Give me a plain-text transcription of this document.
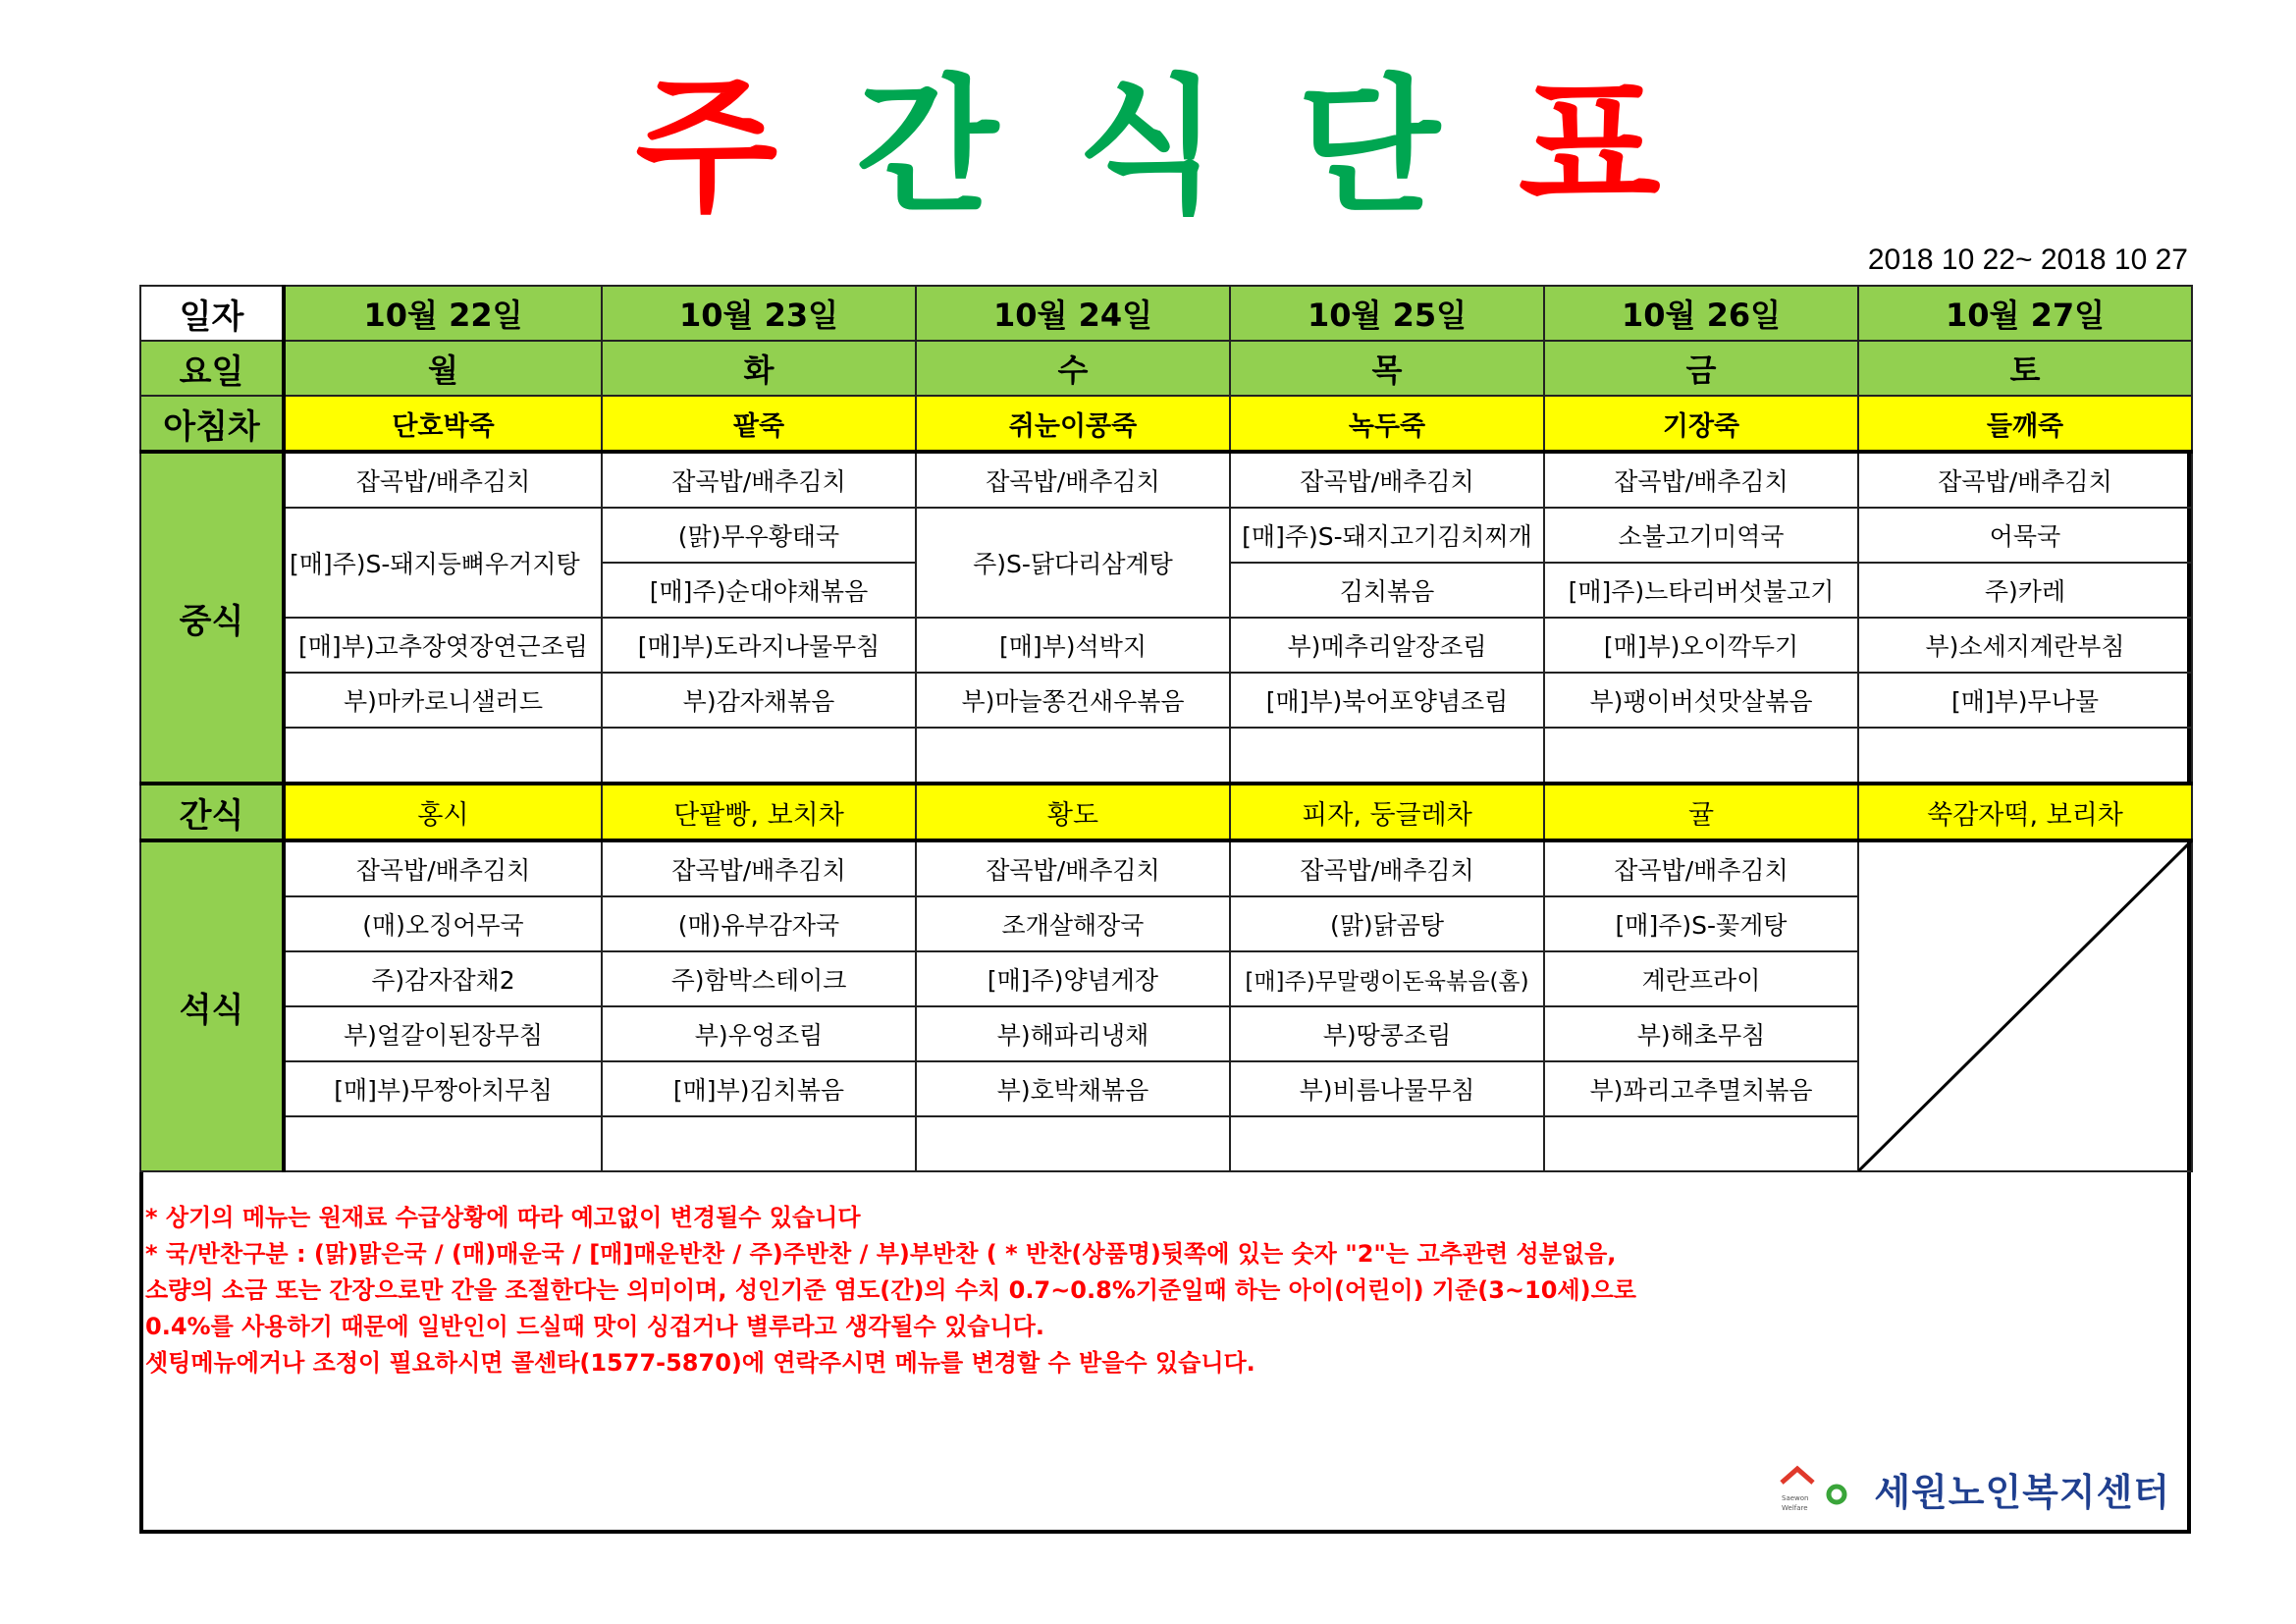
주 간 식 단 표
2018 10 22~ 2018 10 27
일자	10월 22일	10월 23일	10월 24일	10월 25일	10월 26일	10월 27일
요일	월	화	수	목	금	토
아침차	단호박죽	팥죽	쥐눈이콩죽	녹두죽	기장죽	들깨죽
중식	잡곡밥/배추김치	잡곡밥/배추김치	잡곡밥/배추김치	잡곡밥/배추김치	잡곡밥/배추김치	잡곡밥/배추김치
	[매]주)S-돼지등뼈우거지탕	(맑)무우황태국	주)S-닭다리삼계탕	[매]주)S-돼지고기김치찌개	소불고기미역국	어묵국
		[매]주)순대야채볶음		김치볶음	[매]주)느타리버섯불고기	주)카레
	[매]부)고추장엿장연근조림	[매]부)도라지나물무침	[매]부)석박지	부)메추리알장조림	[매]부)오이깍두기	부)소세지계란부침
	부)마카로니샐러드	부)감자채볶음	부)마늘쫑건새우볶음	[매]부)북어포양념조림	부)팽이버섯맛살볶음	[매]부)무나물

간식	홍시	단팥빵, 보치차	황도	피자, 둥글레차	귤	쑥감자떡, 보리차
석식	잡곡밥/배추김치	잡곡밥/배추김치	잡곡밥/배추김치	잡곡밥/배추김치	잡곡밥/배추김치	
	(매)오징어무국	(매)유부감자국	조개살해장국	(맑)닭곰탕	[매]주)S-꽃게탕	
	주)감자잡채2	주)함박스테이크	[매]주)양념게장	[매]주)무말랭이돈육볶음(홈)	계란프라이	
	부)얼갈이된장무침	부)우엉조림	부)해파리냉채	부)땅콩조림	부)해초무침	
	[매]부)무짱아치무침	[매]부)김치볶음	부)호박채볶음	부)비름나물무침	부)꽈리고추멸치볶음	

* 상기의 메뉴는 원재료 수급상황에 따라 예고없이 변경될수 있습니다
* 국/반찬구분 : (맑)맑은국 / (매)매운국 / [매]매운반찬 / 주)주반찬 / 부)부반찬 ( * 반찬(상품명)뒷쪽에 있는 숫자 "2"는 고추관련 성분없음,
소량의 소금 또는 간장으로만 간을 조절한다는 의미이며, 성인기준 염도(간)의 수치 0.7~0.8%기준일때 하는 아이(어린이) 기준(3~10세)으로
0.4%를 사용하기 때문에 일반인이 드실때 맛이 싱겁거나 별루라고 생각될수 있습니다.
셋팅메뉴에거나 조정이 필요하시면 콜센타(1577-5870)에 연락주시면 메뉴를 변경할 수 받을수 있습니다.
Saewon
Welfare 세원노인복지센터
